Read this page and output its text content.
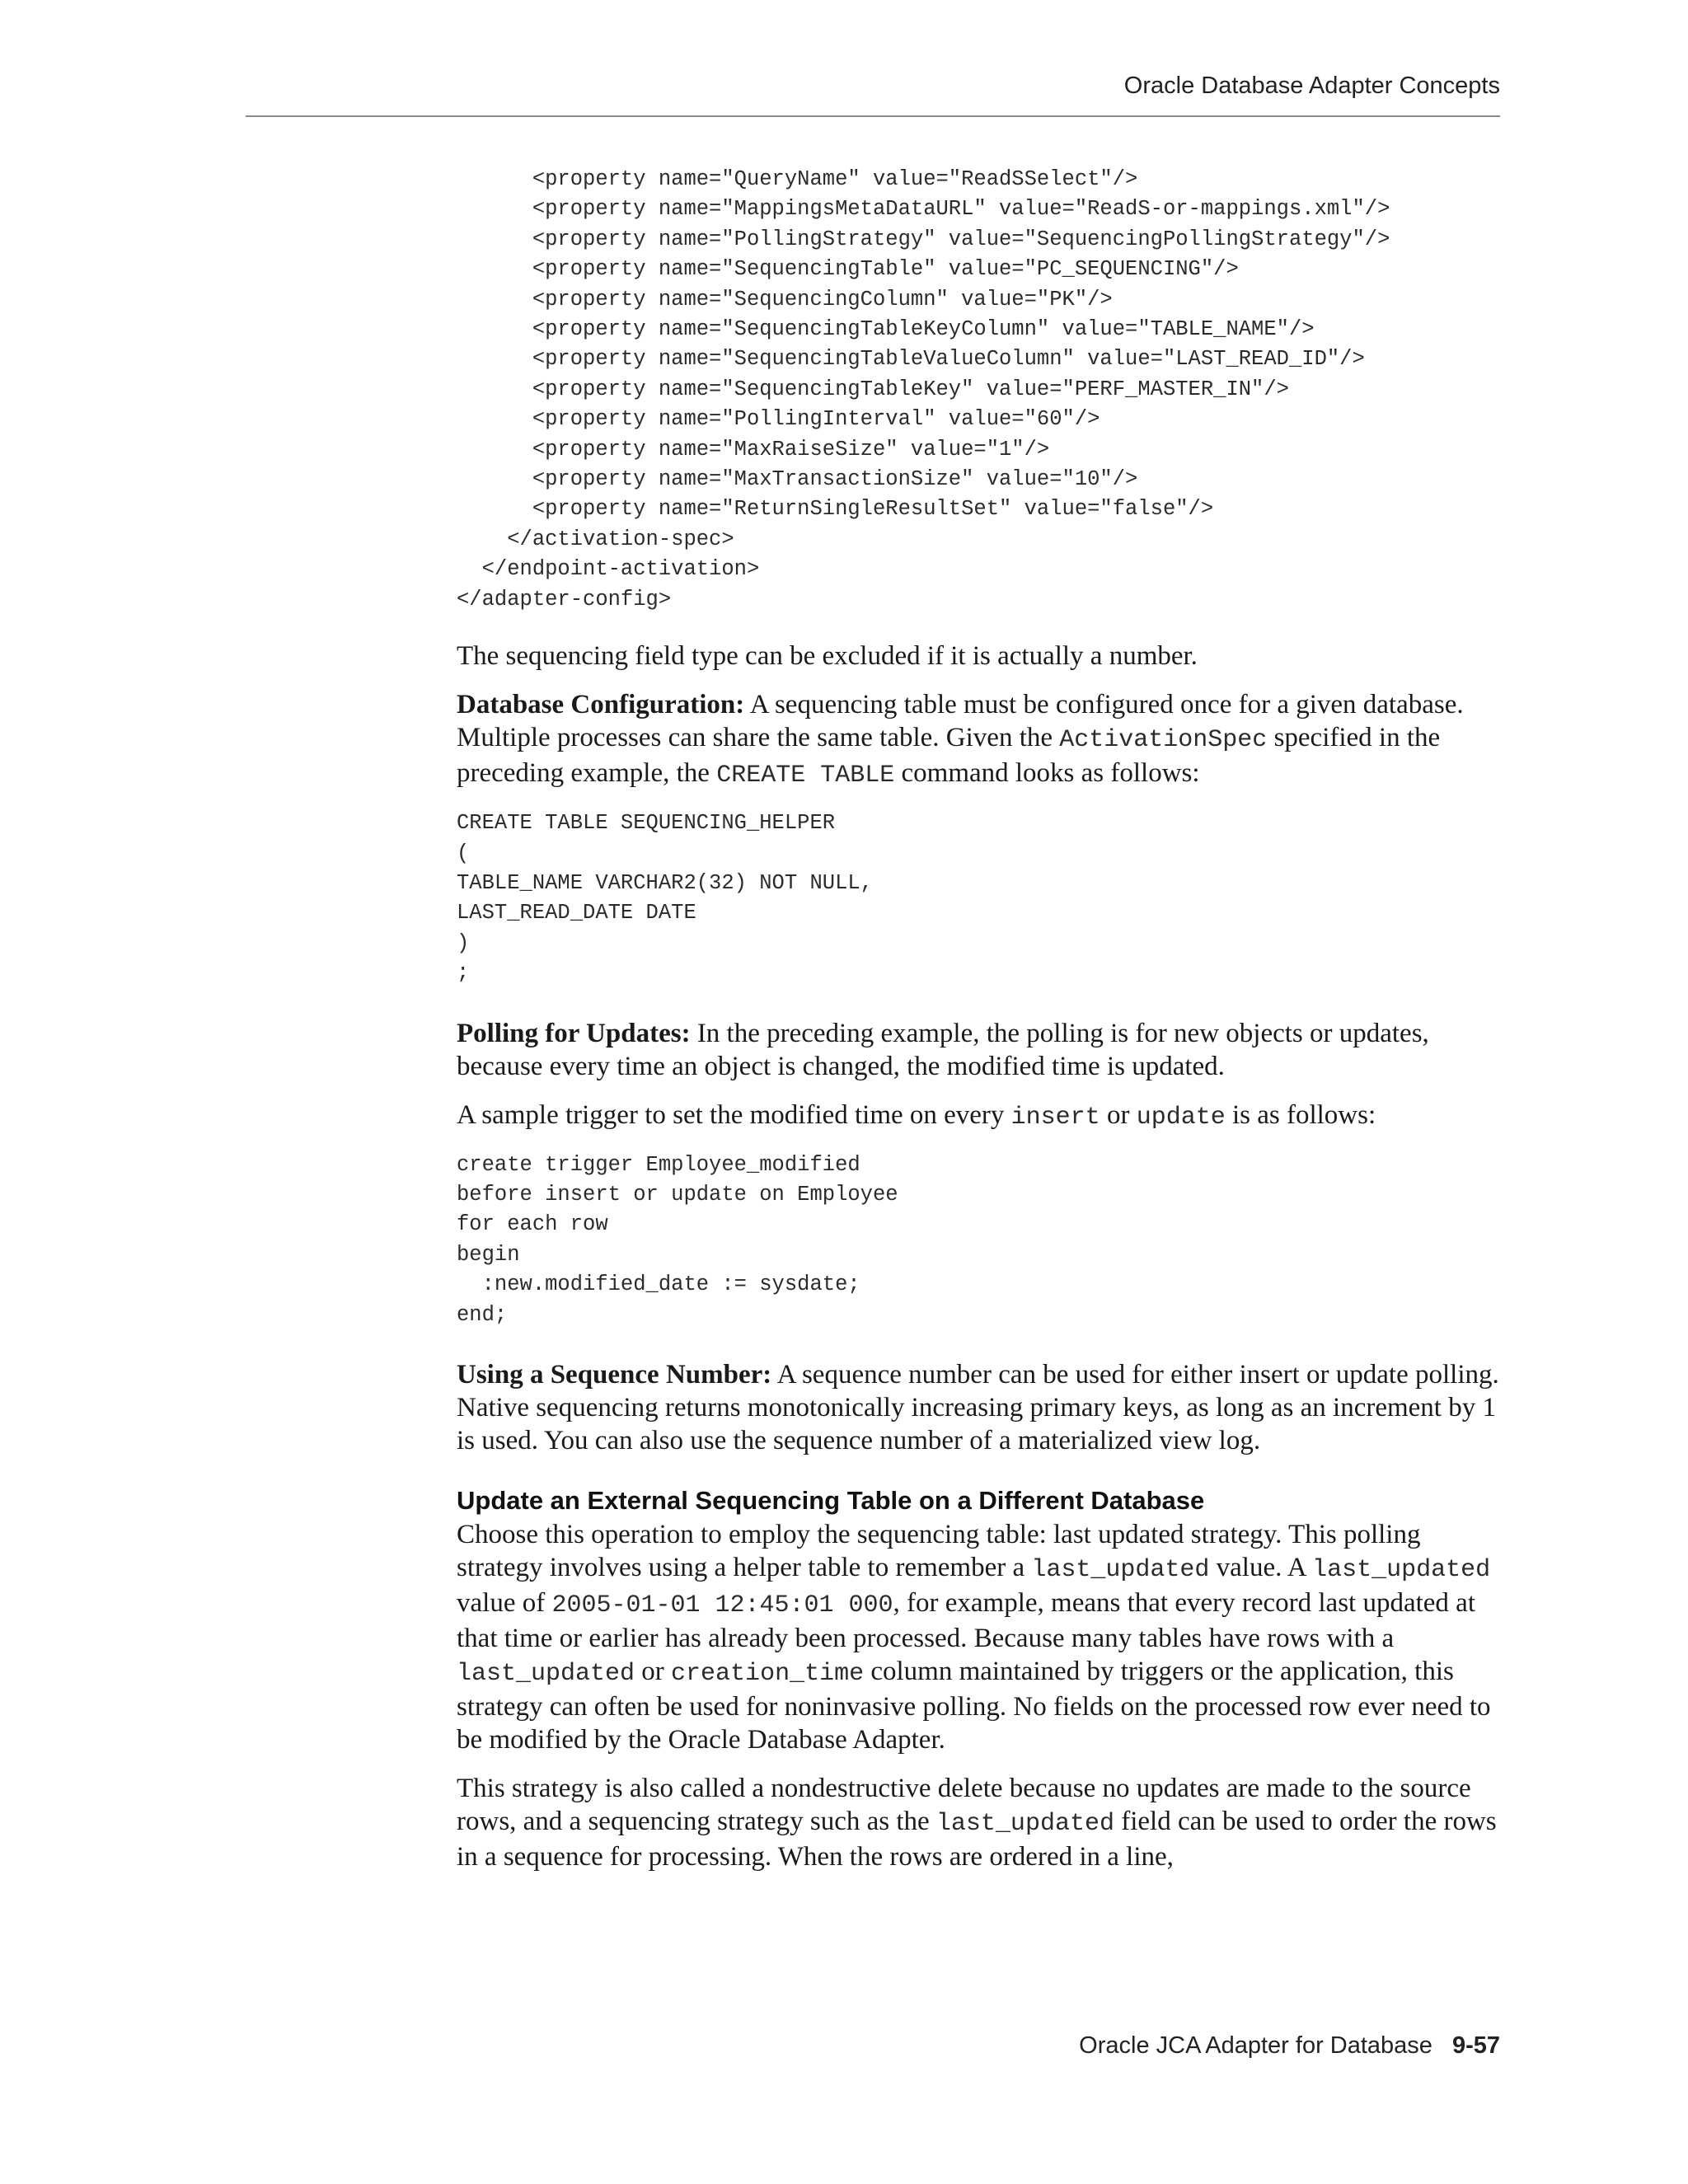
Oracle Database Adapter Concepts
<property name="QueryName" value="ReadSSelect"/>
<property name="MappingsMetaDataURL" value="ReadS-or-mappings.xml"/>
<property name="PollingStrategy" value="SequencingPollingStrategy"/>
<property name="SequencingTable" value="PC_SEQUENCING"/>
<property name="SequencingColumn" value="PK"/>
<property name="SequencingTableKeyColumn" value="TABLE_NAME"/>
<property name="SequencingTableValueColumn" value="LAST_READ_ID"/>
<property name="SequencingTableKey" value="PERF_MASTER_IN"/>
<property name="PollingInterval" value="60"/>
<property name="MaxRaiseSize" value="1"/>
<property name="MaxTransactionSize" value="10"/>
<property name="ReturnSingleResultSet" value="false"/>
</activation-spec>
</endpoint-activation>
</adapter-config>

The sequencing field type can be excluded if it is actually a number.

Database Configuration: A sequencing table must be configured once for a given database. Multiple processes can share the same table. Given the ActivationSpec specified in the preceding example, the CREATE TABLE command looks as follows:

CREATE TABLE SEQUENCING_HELPER
(
TABLE_NAME VARCHAR2(32) NOT NULL,
LAST_READ_DATE DATE
)
;

Polling for Updates: In the preceding example, the polling is for new objects or updates, because every time an object is changed, the modified time is updated.

A sample trigger to set the modified time on every insert or update is as follows:

create trigger Employee_modified
before insert or update on Employee
for each row
begin
:new.modified_date := sysdate;
end;

Using a Sequence Number: A sequence number can be used for either insert or update polling. Native sequencing returns monotonically increasing primary keys, as long as an increment by 1 is used. You can also use the sequence number of a materialized view log.

Update an External Sequencing Table on a Different Database

Choose this operation to employ the sequencing table: last updated strategy. This polling strategy involves using a helper table to remember a last_updated value. A last_updated value of 2005-01-01 12:45:01 000, for example, means that every record last updated at that time or earlier has already been processed. Because many tables have rows with a last_updated or creation_time column maintained by triggers or the application, this strategy can often be used for noninvasive polling. No fields on the processed row ever need to be modified by the Oracle Database Adapter.

This strategy is also called a nondestructive delete because no updates are made to the source rows, and a sequencing strategy such as the last_updated field can be used to order the rows in a sequence for processing. When the rows are ordered in a line,

Oracle JCA Adapter for Database 9-57
